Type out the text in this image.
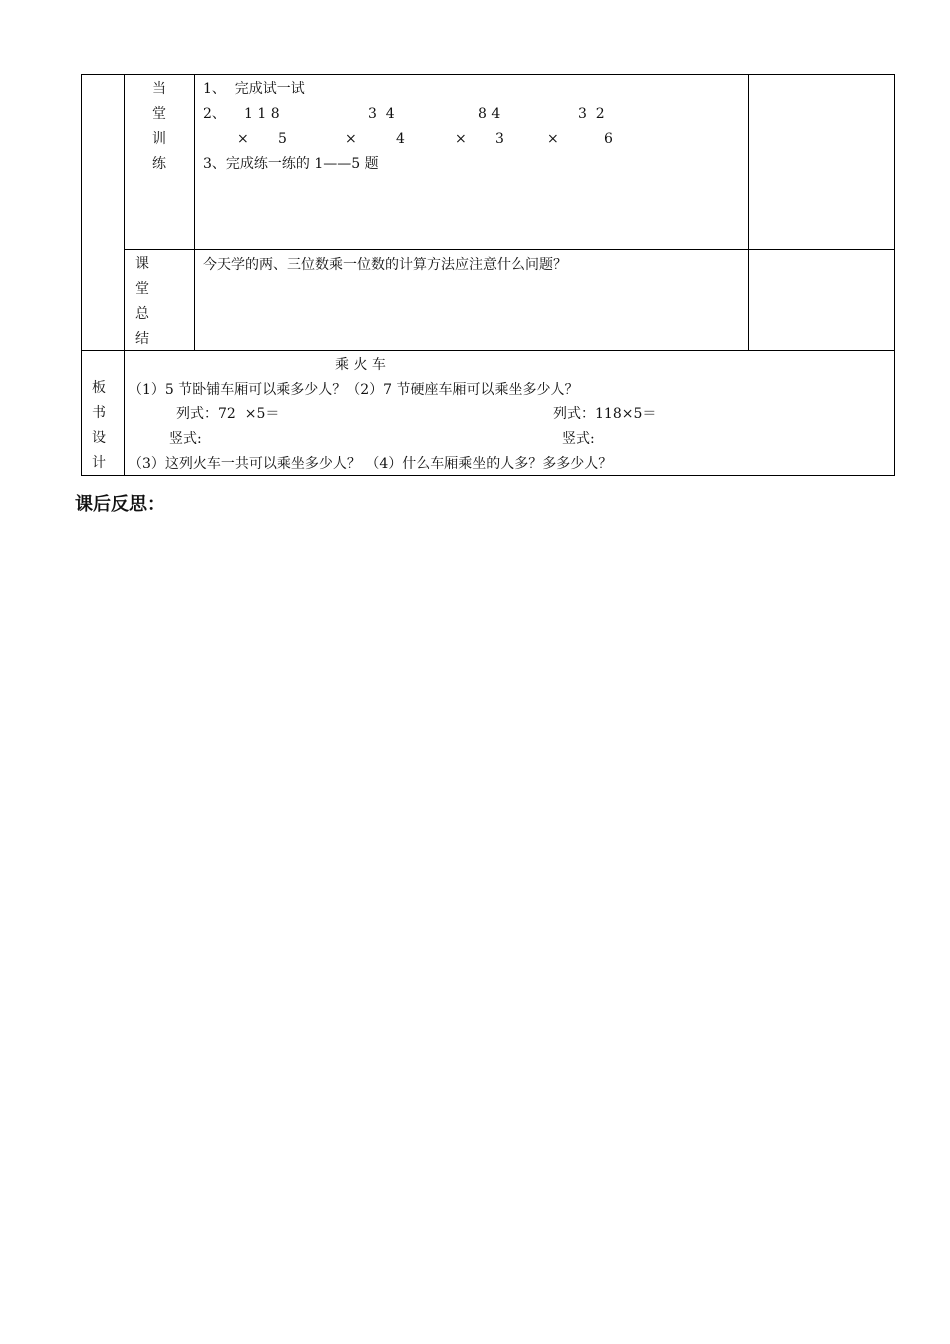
当
堂
训
练
1、  完成试一试
2、 1 1 8
× 5
3  4
×	4
8 4
× 3
3  2
×	6
3、完成练一练的 1——5 题
课
堂
总
结
今天学的两、三位数乘一位数的计算方法应注意什么问题？
板
书
设
计
乘 火 车
（1）5 节卧铺车厢可以乘多少人？（2）7 节硬座车厢可以乘坐多少人？
列式：72  ×5＝	列式：118×5＝
竖式:	竖式:
（3）这列火车一共可以乘坐多少人？ （4）什么车厢乘坐的人多？多多少人？
课后反思：
